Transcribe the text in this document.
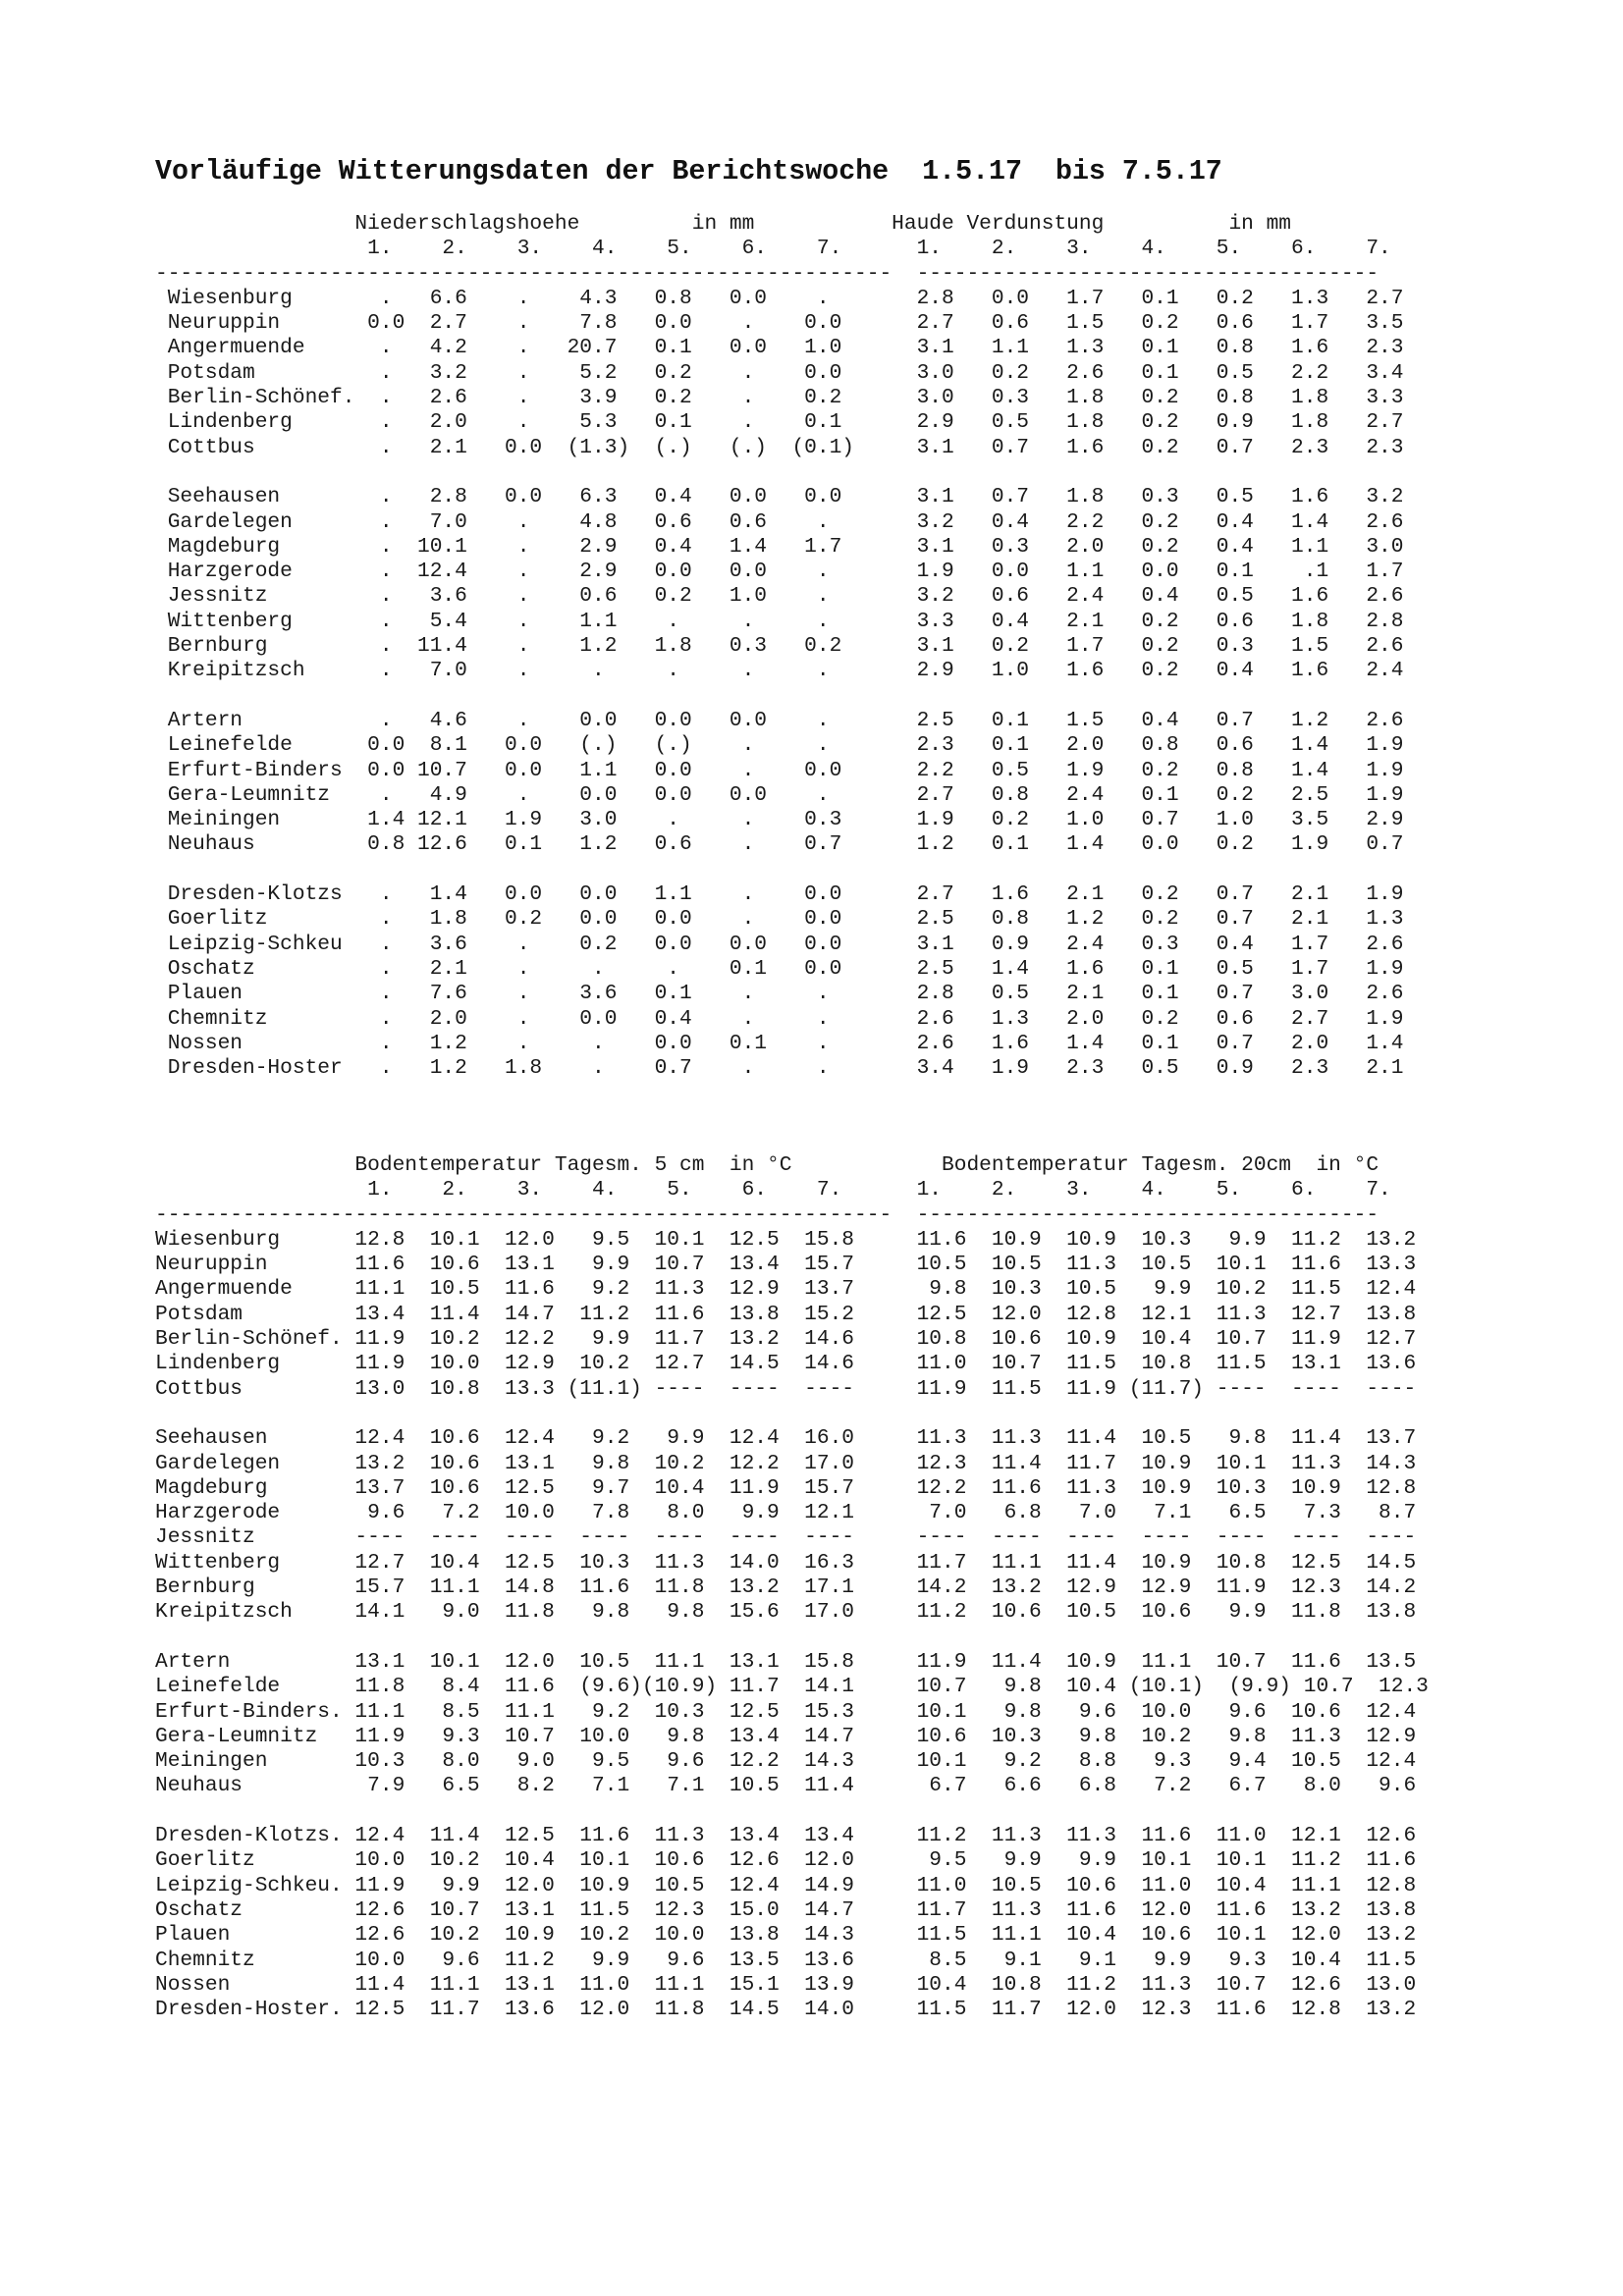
Vorläufige Witterungsdaten der Berichtswoche  1.5.17  bis 7.5.17
Niederschlagshoehe         in mm           Haude Verdunstung          in mm
1.    2.    3.    4.    5.    6.    7.      1.    2.    3.    4.    5.    6.    7.
-----------------------------------------------------------  -------------------------------------
Wiesenburg       .   6.6    .    4.3   0.8   0.0    .       2.8   0.0   1.7   0.1   0.2   1.3   2.7
Neuruppin       0.0  2.7    .    7.8   0.0    .    0.0      2.7   0.6   1.5   0.2   0.6   1.7   3.5
Angermuende      .   4.2    .   20.7   0.1   0.0   1.0      3.1   1.1   1.3   0.1   0.8   1.6   2.3
Potsdam          .   3.2    .    5.2   0.2    .    0.0      3.0   0.2   2.6   0.1   0.5   2.2   3.4
Berlin-Schönef.  .   2.6    .    3.9   0.2    .    0.2      3.0   0.3   1.8   0.2   0.8   1.8   3.3
Lindenberg       .   2.0    .    5.3   0.1    .    0.1      2.9   0.5   1.8   0.2   0.9   1.8   2.7
Cottbus          .   2.1   0.0  (1.3)  (.)   (.)  (0.1)     3.1   0.7   1.6   0.2   0.7   2.3   2.3
Seehausen        .   2.8   0.0   6.3   0.4   0.0   0.0      3.1   0.7   1.8   0.3   0.5   1.6   3.2
Gardelegen       .   7.0    .    4.8   0.6   0.6    .       3.2   0.4   2.2   0.2   0.4   1.4   2.6
Magdeburg        .  10.1    .    2.9   0.4   1.4   1.7      3.1   0.3   2.0   0.2   0.4   1.1   3.0
Harzgerode       .  12.4    .    2.9   0.0   0.0    .       1.9   0.0   1.1   0.0   0.1    .1   1.7
Jessnitz         .   3.6    .    0.6   0.2   1.0    .       3.2   0.6   2.4   0.4   0.5   1.6   2.6
Wittenberg       .   5.4    .    1.1    .     .     .       3.3   0.4   2.1   0.2   0.6   1.8   2.8
Bernburg         .  11.4    .    1.2   1.8   0.3   0.2      3.1   0.2   1.7   0.2   0.3   1.5   2.6
Kreipitzsch      .   7.0    .     .     .     .     .       2.9   1.0   1.6   0.2   0.4   1.6   2.4
Artern           .   4.6    .    0.0   0.0   0.0    .       2.5   0.1   1.5   0.4   0.7   1.2   2.6
Leinefelde      0.0  8.1   0.0   (.)   (.)    .     .       2.3   0.1   2.0   0.8   0.6   1.4   1.9
Erfurt-Binders  0.0 10.7   0.0   1.1   0.0    .    0.0      2.2   0.5   1.9   0.2   0.8   1.4   1.9
Gera-Leumnitz    .   4.9    .    0.0   0.0   0.0    .       2.7   0.8   2.4   0.1   0.2   2.5   1.9
Meiningen       1.4 12.1   1.9   3.0    .     .    0.3      1.9   0.2   1.0   0.7   1.0   3.5   2.9
Neuhaus         0.8 12.6   0.1   1.2   0.6    .    0.7      1.2   0.1   1.4   0.0   0.2   1.9   0.7
Dresden-Klotzs   .   1.4   0.0   0.0   1.1    .    0.0      2.7   1.6   2.1   0.2   0.7   2.1   1.9
Goerlitz         .   1.8   0.2   0.0   0.0    .    0.0      2.5   0.8   1.2   0.2   0.7   2.1   1.3
Leipzig-Schkeu   .   3.6    .    0.2   0.0   0.0   0.0      3.1   0.9   2.4   0.3   0.4   1.7   2.6
Oschatz          .   2.1    .     .     .    0.1   0.0      2.5   1.4   1.6   0.1   0.5   1.7   1.9
Plauen           .   7.6    .    3.6   0.1    .     .       2.8   0.5   2.1   0.1   0.7   3.0   2.6
Chemnitz         .   2.0    .    0.0   0.4    .     .       2.6   1.3   2.0   0.2   0.6   2.7   1.9
Nossen           .   1.2    .     .    0.0   0.1    .       2.6   1.6   1.4   0.1   0.7   2.0   1.4
Dresden-Hoster   .   1.2   1.8    .    0.7    .     .       3.4   1.9   2.3   0.5   0.9   2.3   2.1
Bodentemperatur Tagesm. 5 cm  in °C            Bodentemperatur Tagesm. 20cm  in °C
1.    2.    3.    4.    5.    6.    7.      1.    2.    3.    4.    5.    6.    7.
-----------------------------------------------------------  -------------------------------------
Wiesenburg      12.8  10.1  12.0   9.5  10.1  12.5  15.8     11.6  10.9  10.9  10.3   9.9  11.2  13.2
Neuruppin       11.6  10.6  13.1   9.9  10.7  13.4  15.7     10.5  10.5  11.3  10.5  10.1  11.6  13.3
Angermuende     11.1  10.5  11.6   9.2  11.3  12.9  13.7      9.8  10.3  10.5   9.9  10.2  11.5  12.4
Potsdam         13.4  11.4  14.7  11.2  11.6  13.8  15.2     12.5  12.0  12.8  12.1  11.3  12.7  13.8
Berlin-Schönef. 11.9  10.2  12.2   9.9  11.7  13.2  14.6     10.8  10.6  10.9  10.4  10.7  11.9  12.7
Lindenberg      11.9  10.0  12.9  10.2  12.7  14.5  14.6     11.0  10.7  11.5  10.8  11.5  13.1  13.6
Cottbus         13.0  10.8  13.3 (11.1) ----  ----  ----     11.9  11.5  11.9 (11.7) ----  ----  ----
Seehausen       12.4  10.6  12.4   9.2   9.9  12.4  16.0     11.3  11.3  11.4  10.5   9.8  11.4  13.7
Gardelegen      13.2  10.6  13.1   9.8  10.2  12.2  17.0     12.3  11.4  11.7  10.9  10.1  11.3  14.3
Magdeburg       13.7  10.6  12.5   9.7  10.4  11.9  15.7     12.2  11.6  11.3  10.9  10.3  10.9  12.8
Harzgerode       9.6   7.2  10.0   7.8   8.0   9.9  12.1      7.0   6.8   7.0   7.1   6.5   7.3   8.7
Jessnitz        ----  ----  ----  ----  ----  ----  ----     ----  ----  ----  ----  ----  ----  ----
Wittenberg      12.7  10.4  12.5  10.3  11.3  14.0  16.3     11.7  11.1  11.4  10.9  10.8  12.5  14.5
Bernburg        15.7  11.1  14.8  11.6  11.8  13.2  17.1     14.2  13.2  12.9  12.9  11.9  12.3  14.2
Kreipitzsch     14.1   9.0  11.8   9.8   9.8  15.6  17.0     11.2  10.6  10.5  10.6   9.9  11.8  13.8
Artern          13.1  10.1  12.0  10.5  11.1  13.1  15.8     11.9  11.4  10.9  11.1  10.7  11.6  13.5
Leinefelde      11.8   8.4  11.6  (9.6)(10.9) 11.7  14.1     10.7   9.8  10.4 (10.1)  (9.9) 10.7  12.3
Erfurt-Binders. 11.1   8.5  11.1   9.2  10.3  12.5  15.3     10.1   9.8   9.6  10.0   9.6  10.6  12.4
Gera-Leumnitz   11.9   9.3  10.7  10.0   9.8  13.4  14.7     10.6  10.3   9.8  10.2   9.8  11.3  12.9
Meiningen       10.3   8.0   9.0   9.5   9.6  12.2  14.3     10.1   9.2   8.8   9.3   9.4  10.5  12.4
Neuhaus          7.9   6.5   8.2   7.1   7.1  10.5  11.4      6.7   6.6   6.8   7.2   6.7   8.0   9.6
Dresden-Klotzs. 12.4  11.4  12.5  11.6  11.3  13.4  13.4     11.2  11.3  11.3  11.6  11.0  12.1  12.6
Goerlitz        10.0  10.2  10.4  10.1  10.6  12.6  12.0      9.5   9.9   9.9  10.1  10.1  11.2  11.6
Leipzig-Schkeu. 11.9   9.9  12.0  10.9  10.5  12.4  14.9     11.0  10.5  10.6  11.0  10.4  11.1  12.8
Oschatz         12.6  10.7  13.1  11.5  12.3  15.0  14.7     11.7  11.3  11.6  12.0  11.6  13.2  13.8
Plauen          12.6  10.2  10.9  10.2  10.0  13.8  14.3     11.5  11.1  10.4  10.6  10.1  12.0  13.2
Chemnitz        10.0   9.6  11.2   9.9   9.6  13.5  13.6      8.5   9.1   9.1   9.9   9.3  10.4  11.5
Nossen          11.4  11.1  13.1  11.0  11.1  15.1  13.9     10.4  10.8  11.2  11.3  10.7  12.6  13.0
Dresden-Hoster. 12.5  11.7  13.6  12.0  11.8  14.5  14.0     11.5  11.7  12.0  12.3  11.6  12.8  13.2
